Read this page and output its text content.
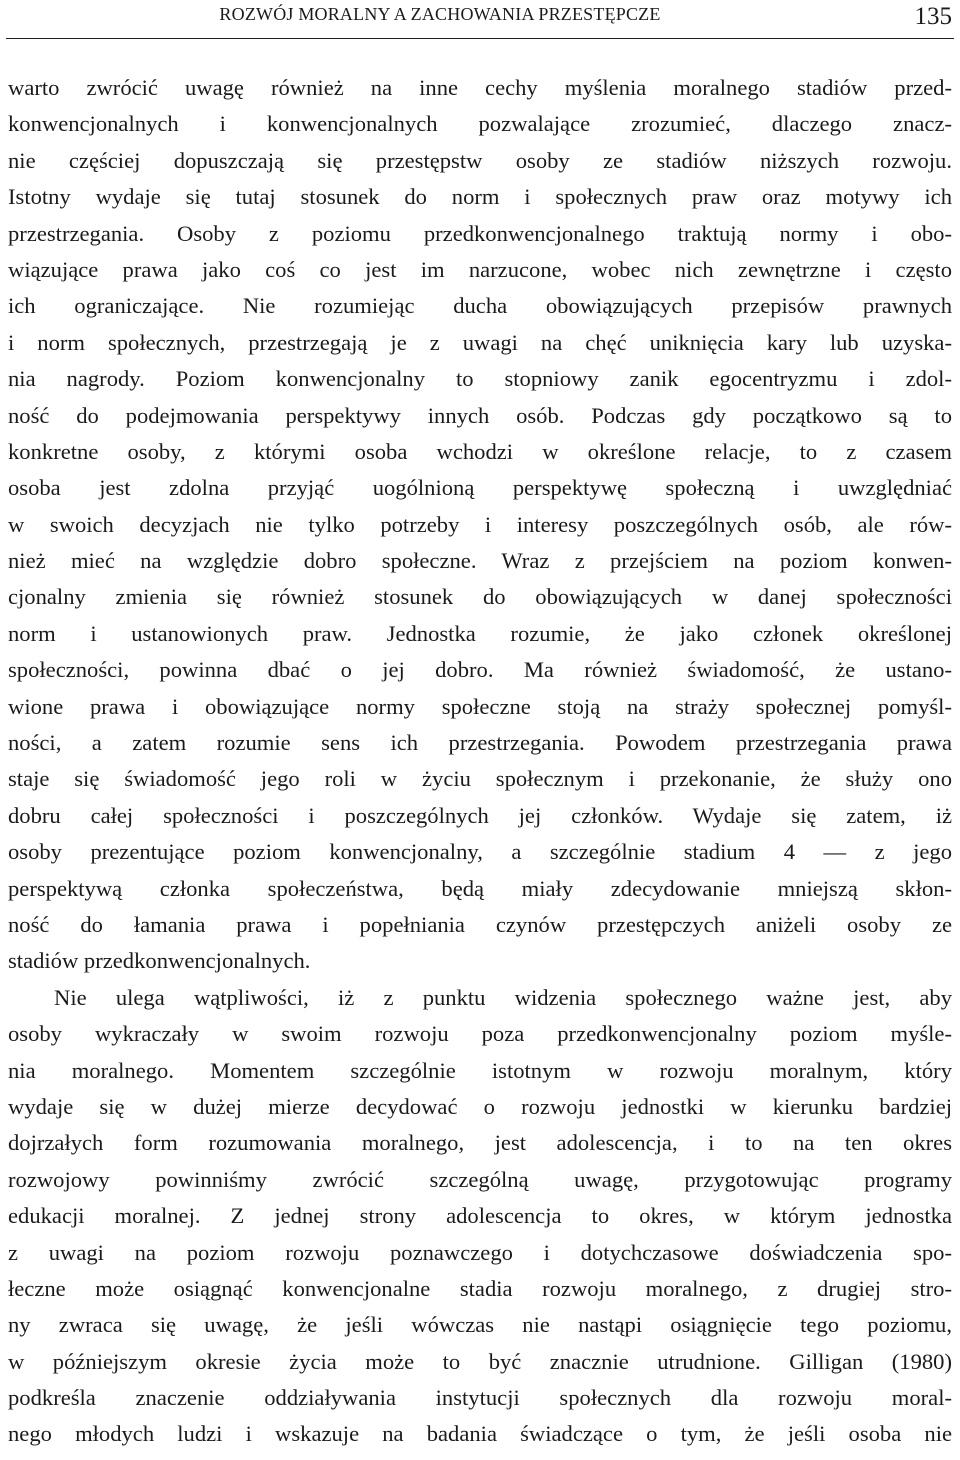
ROZWÓJ MORALNY A ZACHOWANIA PRZESTĘPCZE	135
warto zwrócić uwagę również na inne cechy myślenia moralnego stadiów przed-
konwencjonalnych i konwencjonalnych pozwalające zrozumieć, dlaczego znacz-
nie częściej dopuszczają się przestępstw osoby ze stadiów niższych rozwoju.
Istotny wydaje się tutaj stosunek do norm i społecznych praw oraz motywy ich
przestrzegania. Osoby z poziomu przedkonwencjonalnego traktują normy i obo-
wiązujące prawa jako coś co jest im narzucone, wobec nich zewnętrzne i często
ich ograniczające. Nie rozumiejąc ducha obowiązujących przepisów prawnych
i norm społecznych, przestrzegają je z uwagi na chęć uniknięcia kary lub uzyska-
nia nagrody. Poziom konwencjonalny to stopniowy zanik egocentryzmu i zdol-
ność do podejmowania perspektywy innych osób. Podczas gdy początkowo są to
konkretne osoby, z którymi osoba wchodzi w określone relacje, to z czasem
osoba jest zdolna przyjąć uogólnioną perspektywę społeczną i uwzględniać
w swoich decyzjach nie tylko potrzeby i interesy poszczególnych osób, ale rów-
nież mieć na względzie dobro społeczne. Wraz z przejściem na poziom konwen-
cjonalny zmienia się również stosunek do obowiązujących w danej społeczności
norm i ustanowionych praw. Jednostka rozumie, że jako członek określonej
społeczności, powinna dbać o jej dobro. Ma również świadomość, że ustano-
wione prawa i obowiązujące normy społeczne stoją na straży społecznej pomyśl-
ności, a zatem rozumie sens ich przestrzegania. Powodem przestrzegania prawa
staje się świadomość jego roli w życiu społecznym i przekonanie, że służy ono
dobru całej społeczności i poszczególnych jej członków. Wydaje się zatem, iż
osoby prezentujące poziom konwencjonalny, a szczególnie stadium 4 — z jego
perspektywą członka społeczeństwa, będą miały zdecydowanie mniejszą skłon-
ność do łamania prawa i popełniania czynów przestępczych aniżeli osoby ze
stadiów przedkonwencjonalnych.
Nie ulega wątpliwości, iż z punktu widzenia społecznego ważne jest, aby
osoby wykraczały w swoim rozwoju poza przedkonwencjonalny poziom myśle-
nia moralnego. Momentem szczególnie istotnym w rozwoju moralnym, który
wydaje się w dużej mierze decydować o rozwoju jednostki w kierunku bardziej
dojrzałych form rozumowania moralnego, jest adolescencja, i to na ten okres
rozwojowy powinniśmy zwrócić szczególną uwagę, przygotowując programy
edukacji moralnej. Z jednej strony adolescencja to okres, w którym jednostka
z uwagi na poziom rozwoju poznawczego i dotychczasowe doświadczenia spo-
łeczne może osiągnąć konwencjonalne stadia rozwoju moralnego, z drugiej stro-
ny zwraca się uwagę, że jeśli wówczas nie nastąpi osiągnięcie tego poziomu,
w późniejszym okresie życia może to być znacznie utrudnione. Gilligan (1980)
podkreśla znaczenie oddziaływania instytucji społecznych dla rozwoju moral-
nego młodych ludzi i wskazuje na badania świadczące o tym, że jeśli osoba nie
